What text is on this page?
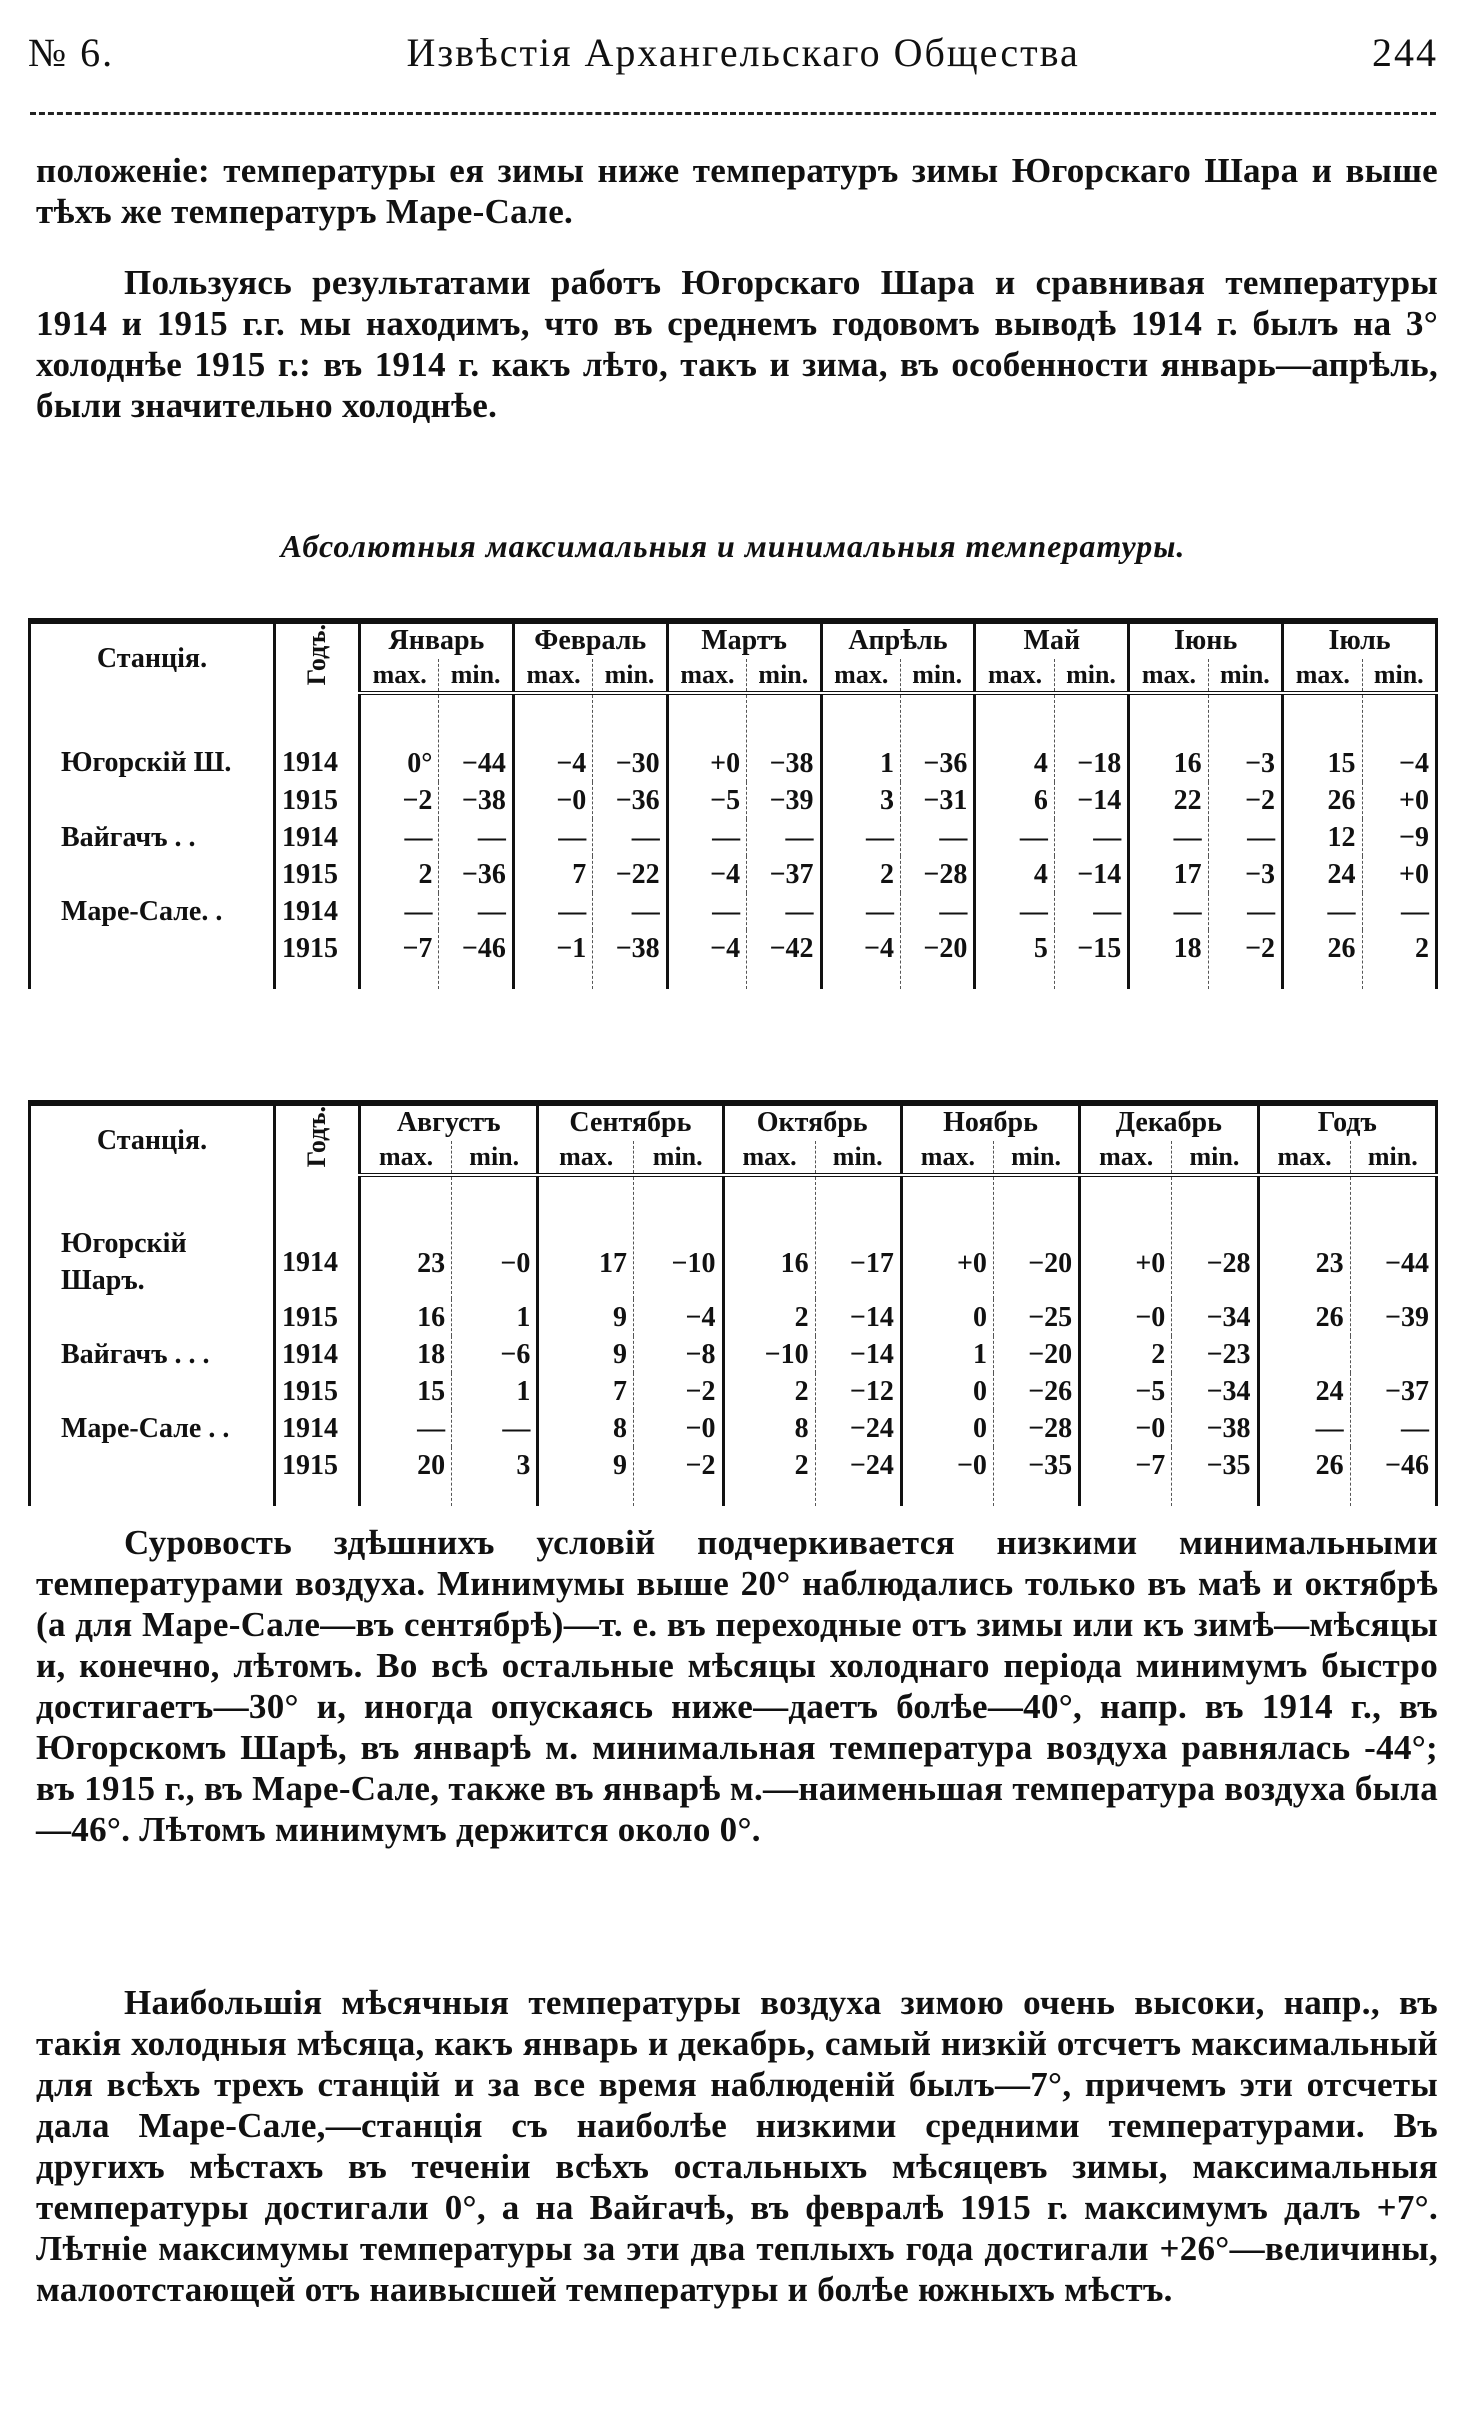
№ 6.	Извѣстія Архангельскаго Общества	244

положеніе: температуры ея зимы ниже температуръ зимы Югорскаго Шара и выше тѣхъ же температуръ Маре-Сале.

Пользуясь результатами работъ Югорскаго Шара и сравнивая температуры 1914 и 1915 г.г. мы находимъ, что въ среднемъ годовомъ выводѣ 1914 г. былъ на 3° холоднѣе 1915 г.: въ 1914 г. какъ лѣто, такъ и зима, въ особенности январь—апрѣль, были значительно холоднѣе.

Абсолютныя максимальныя и минимальныя температуры.
Станція.	Годъ.	Январь		Февраль		Мартъ		Апрѣль		Май		Іюнь		Іюль	
		max.	min.	max.	min.	max.	min.	max.	min.	max.	min.	max.	min.	max.	min.
Югорскій Ш.	1914	0°	−44	−4	−30	+0	−38	1	−36	4	−18	16	−3	15	−4
	1915	−2	−38	−0	−36	−5	−39	3	−31	6	−14	22	−2	26	+0
Вайгачъ . .	1914	—	—	—	—	—	—	—	—	—	—	—	—	12	−9
	1915	2	−36	7	−22	−4	−37	2	−28	4	−14	17	−3	24	+0
Маре-Сале. .	1914	—	—	—	—	—	—	—	—	—	—	—	—	—	—
	1915	−7	−46	−1	−38	−4	−42	−4	−20	5	−15	18	−2	26	2
Станція.	Годъ.	Августъ		Сентябрь		Октябрь		Ноябрь		Декабрь		Годъ	
		max.	min.	max.	min.	max.	min.	max.	min.	max.	min.	max.	min.
Югорскій Шаръ.	1914	23	−0	17	−10	16	−17	+0	−20	+0	−28	23	−44
	1915	16	1	9	−4	2	−14	0	−25	−0	−34	26	−39
Вайгачъ . . .	1914	18	−6	9	−8	−10	−14	1	−20	2	−23		
	1915	15	1	7	−2	2	−12	0	−26	−5	−34	24	−37
Маре-Сале . .	1914	—	—	8	−0	8	−24	0	−28	−0	−38	—	—
	1915	20	3	9	−2	2	−24	−0	−35	−7	−35	26	−46

Суровость здѣшнихъ условій подчеркивается низкими минимальными температурами воздуха. Минимумы выше 20° наблюдались только въ маѣ и октябрѣ (а для Маре-Сале—въ сентябрѣ)—т. е. въ переходные отъ зимы или къ зимѣ—мѣсяцы и, конечно, лѣтомъ. Во всѣ остальные мѣсяцы холоднаго періода минимумъ быстро достигаетъ—30° и, иногда опускаясь ниже—даетъ болѣе—40°, напр. въ 1914 г., въ Югорскомъ Шарѣ, въ январѣ м. минимальная температура воздуха равнялась -44°; въ 1915 г., въ Маре-Сале, также въ январѣ м.—наименьшая температура воздуха была—46°. Лѣтомъ минимумъ держится около 0°.

Наибольшія мѣсячныя температуры воздуха зимою очень высоки, напр., въ такія холодныя мѣсяца, какъ январь и декабрь, самый низкій отсчетъ максимальный для всѣхъ трехъ станцій и за все время наблюденій былъ—7°, причемъ эти отсчеты дала Маре-Сале,—станція съ наиболѣе низкими средними температурами. Въ другихъ мѣстахъ въ теченіи всѣхъ остальныхъ мѣсяцевъ зимы, максимальныя температуры достигали 0°, а на Вайгачѣ, въ февралѣ 1915 г. максимумъ далъ +7°. Лѣтніе максимумы температуры за эти два теплыхъ года достигали +26°—величины, малоотстающей отъ наивысшей температуры и болѣе южныхъ мѣстъ.
